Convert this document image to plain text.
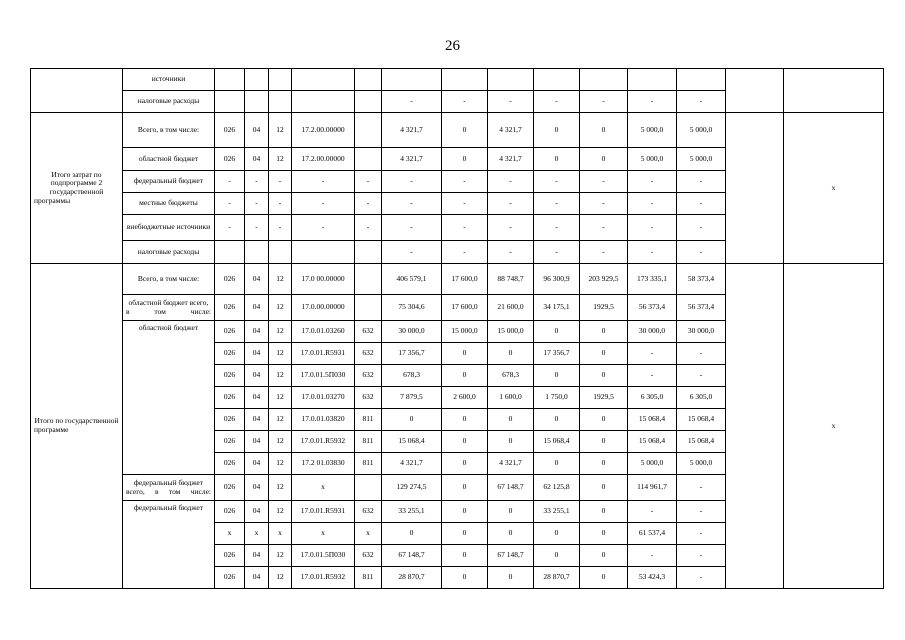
26
	источники														
	налоговые расходы						-	-	-	-	-	-	-		
Итого затрат по подпрограмме 2 государственной программы	Всего, в том числе:	026	04	12	17.2.00.00000		4 321,7	0	4 321,7	0	0	5 000,0	5 000,0		x
	областной бюджет	026	04	12	17.2.00.00000		4 321,7	0	4 321,7	0	0	5 000,0	5 000,0		
	федеральный бюджет	-	-	-	-	-	-	-	-	-	-	-	-		
	местные бюджеты	-	-	-	-	-	-	-	-	-	-	-	-		
	внебюджетные источники	-	-	-	-	-	-	-	-	-	-	-	-		
	налоговые расходы						-	-	-	-	-	-	-		
Итого по государственной программе	Всего, в том числе:	026	04	12	17.0 00.00000		406 579,1	17 600,0	88 748,7	96 300,9	203 929,5	173 335,1	58 373,4		x
	областной бюджет всего, в том числе:	026	04	12	17.0.00.00000		75 304,6	17 600,0	21 600,0	34 175,1	1929,5	56 373,4	56 373,4		
	областной бюджет	026	04	12	17.0.01.03260	632	30 000,0	15 000,0	15 000,0	0	0	30 000,0	30 000,0		
		026	04	12	17.0.01.R5931	632	17 356,7	0	0	17 356,7	0	-	-		
		026	04	12	17.0.01.5П030	632	678,3	0	678,3	0	0	-	-		
		026	04	12	17.0.01.03270	632	7 879,5	2 600,0	1 600,0	1 750,0	1929,5	6 305,0	6 305,0		
		026	04	12	17.0.01.03820	811	0	0	0	0	0	15 068,4	15 068,4		
		026	04	12	17.0.01.R5932	811	15 068,4	0	0	15 068,4	0	15 068,4	15 068,4		
		026	04	12	17.2 01.03830	811	4 321,7	0	4 321,7	0	0	5 000,0	5 000,0		
	федеральный бюджет всего, в том числе:	026	04	12	x		129 274,5	0	67 148,7	62 125,8	0	114 961,7	-		
	федеральный бюджет	026	04	12	17.0.01.R5931	632	33 255,1	0	0	33 255,1	0	-	-		
		x	x	x	x	x	0	0	0	0	0	61 537,4	-		
		026	04	12	17.0.01.5П030	632	67 148,7	0	67 148,7	0	0	-	-		
		026	04	12	17.0.01.R5932	811	28 870,7	0	0	28 870,7	0	53 424,3	-		
